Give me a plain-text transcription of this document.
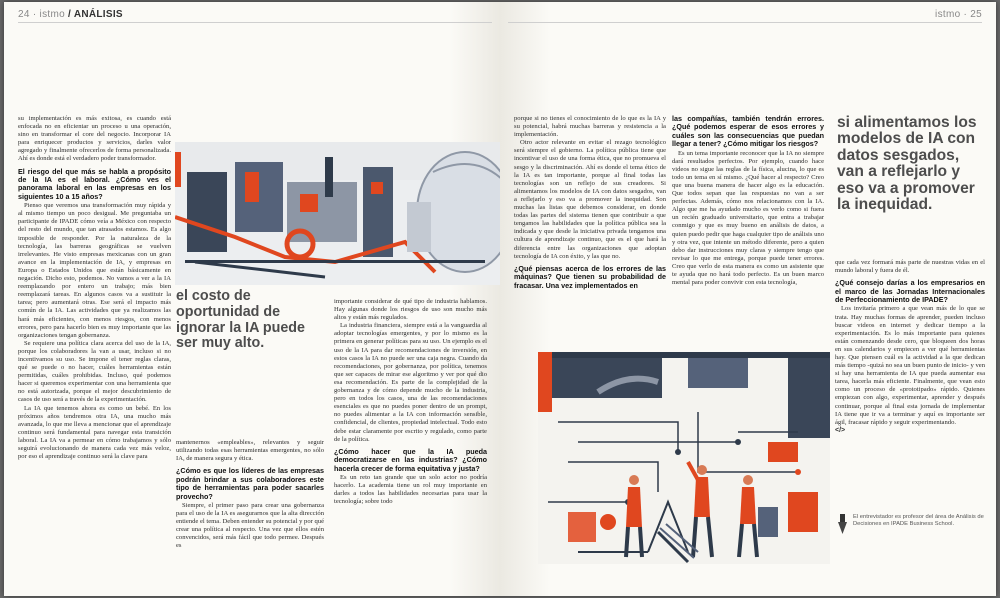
24 · istmo / ANÁLISIS

su implementación es más exitosa, es cuando está enfocada no en eficientar un proceso u una operación, sino en transformar el core del negocio. Incorporar IA para enriquecer productos y servicios, darles valor agregado y finalmente ofrecerlos de forma personalizada. Ahí es donde está el verdadero poder transformador.

El riesgo del que más se habla a propósito de la IA es el laboral. ¿Cómo ves el panorama laboral en las empresas en los siguientes 10 a 15 años?

Pienso que veremos una transformación muy rápida y al mismo tiempo un poco desigual. Me preguntaba un participante de IPADE cómo veía a México con respecto del resto del mundo, que tan atrasados estamos. Es algo imposible de responder. Por la naturaleza de la tecnología, las barreras geográficas se vuelven irrelevantes. He visto empresas mexicanas con un gran avance en la implementación de IA, y empresas en Europa o Estados Unidos que están básicamente en negación. Dicho esto, podemos. No vamos a ver a la IA reemplazando por entero un trabajo; más bien reemplazará tareas. En algunos casos va a sustituir la tarea; pero aumentará otras. Ese será el impacto más común de la IA. Las actividades que ya realizamos las hará más eficientes, con menos riesgos, con menos errores, pero para hacerlo bien es muy importante que las organizaciones tengan gobernanza.

Se requiere una política clara acerca del uso de la IA, porque los colaboradores la van a usar, incluso si no incentivamos su uso. Se impone el tener reglas claras, qué se puede o no hacer, cuáles herramientas están permitidas, cuáles prohibidas. Incluso, qué podemos hacer si queremos experimentar con una herramienta que no está autorizada, porque el mejor descubrimiento de casos de uso será a través de la experimentación.

La IA que tenemos ahora es como un bebé. En los próximos años tendremos otra IA, una mucho más avanzada, lo que me lleva a mencionar que el aprendizaje continuo será fundamental para navegar esta transición laboral. La IA va a permear en cómo trabajamos y sólo seguirá evolucionando de manera cada vez más veloz, por eso el aprendizaje continuo será la clave para

el costo de oportunidad de ignorar la IA puede ser muy alto.

mantenernos «empleables», relevantes y seguir utilizando todas esas herramientas emergentes, no sólo IA, de manera segura y ética.

¿Cómo es que los líderes de las empresas podrán brindar a sus colaboradores este tipo de herramientas para poder sacarles provecho?

Siempre, el primer paso para crear una gobernanza para el uso de la IA es asegurarnos que la alta dirección entiende el tema. Deben entender su potencial y por qué crear una política al respecto. Una vez que ellos estén convencidos, será más fácil que todo permee. Después es

importante considerar de qué tipo de industria hablamos. Hay algunas donde los riesgos de uso son mucho más altos y están más regulados.

La industria financiera, siempre está a la vanguardia al adoptar tecnologías emergentes, y por lo mismo es la primera en generar políticas para su uso. Un ejemplo es el uso de la IA para dar recomendaciones de inversión, en estos casos la IA no puede ser una caja negra. Cuando da recomendaciones, por gobernanza, por política, tenemos que ser capaces de mirar ese algoritmo y ver por qué dio esa recomendación. Es parte de la complejidad de la gobernanza y de cómo depende mucho de la industria, pero en todos los casos, una de las recomendaciones esenciales es que no puedes poner dentro de un prompt, no puedes alimentar a la IA con información sensible, confidencial, de clientes, propiedad intelectual. Todo esto debe estar claramente por escrito y regulado, como parte de la política.

¿Cómo hacer que la IA pueda democratizarse en las industrias? ¿Cómo hacerla crecer de forma equitativa y justa?

Es un reto tan grande que un solo actor no podría hacerlo. La academia tiene un rol muy importante en darles a todos las habilidades necesarias para usar la tecnología; sobre todo

istmo · 25

porque si no tienes el conocimiento de lo que es la IA y su potencial, habrá muchas barreras y resistencia a la implementación.

Otro actor relevante en evitar el rezago tecnológico será siempre el gobierno. La política pública tiene que incentivar el uso de una forma ética, que no promueva el sesgo y la discriminación. Ahí es donde el tema ético de la IA es tan importante, porque al final todas las tecnologías son un reflejo de sus creadores. Si alimentamos los modelos de IA con datos sesgados, van a reflejarlo y eso va a promover la inequidad. Son muchas las listas que debemos considerar, en donde todas las partes del sistema tienen que contribuir a que tengamos las habilidades que la política pública sea la indicada y que desde la iniciativa privada tengamos una cultura de aprendizaje continuo, que es el que hará la diferencia entre las organizaciones que adoptan tecnología de IA con éxito, y las que no.

¿Qué piensas acerca de los errores de las máquinas? Que tienen su probabilidad de fracasar. Una vez implementados en
las compañías, también tendrán errores. ¿Qué podemos esperar de esos errores y cuáles son las consecuencias que puedan llegar a tener? ¿Cómo mitigar los riesgos?

Es un tema importante reconocer que la IA no siempre dará resultados perfectos. Por ejemplo, cuando hace videos no sigue las reglas de la física, alucina, lo que es todo un tema en sí mismo. ¿Qué hacer al respecto? Creo que una buena manera de hacer algo es la educación. Que todos sepan que las respuestas no van a ser perfectas. Además, cómo nos relacionamos con la IA. Algo que me ha ayudado mucho es verlo como si fuera un recién graduado universitario, que entra a trabajar conmigo y que es muy bueno en análisis de datos, a quien puedo pedir que haga cualquier tipo de análisis uno y otra vez, que intente un método diferente, pero a quien debo dar instrucciones muy claras y siempre tengo que revisar lo que me entrega, porque puede tener errores. Creo que verlo de esta manera es como un asistente que te ayuda que no hará todo perfecto. Es un buen marco mental para poder convivir con esta tecnología,

si alimentamos los modelos de IA con datos sesgados, van a reflejarlo y eso va a promover la inequidad.

que cada vez formará más parte de nuestras vidas en el mundo laboral y fuera de él.

¿Qué consejo darías a los empresarios en el marco de las Jornadas Internacionales de Perfeccionamiento de IPADE?

Los invitaría primero a que vean más de lo que se trata. Hay muchas formas de aprender, pueden incluso buscar videos en internet y dedicar tiempo a la experimentación. Es lo más importante para quienes están comenzando desde cero, que bloqueen dos horas en sus calendarios y empiecen a ver qué herramientas hay. Que piensen cuál es la actividad a la que dedican más tiempo -quizá no sea un buen punto de inicio- y ven si hay una herramienta de IA que pueda aumentar esa tarea, hacerla más eficiente. Finalmente, que vean esto como un proceso de «prototipado» rápido. Quienes empiezan con algo, experimentar, aprender y después continuar, porque al final esta jornada de implementar IA tiene que ir va a terminar y aquí es importante ser ágil, fracasar rápido y seguir experimentando.

</>
El entrevistador es profesor del área de Análisis de Decisiones en IPADE Business School.
